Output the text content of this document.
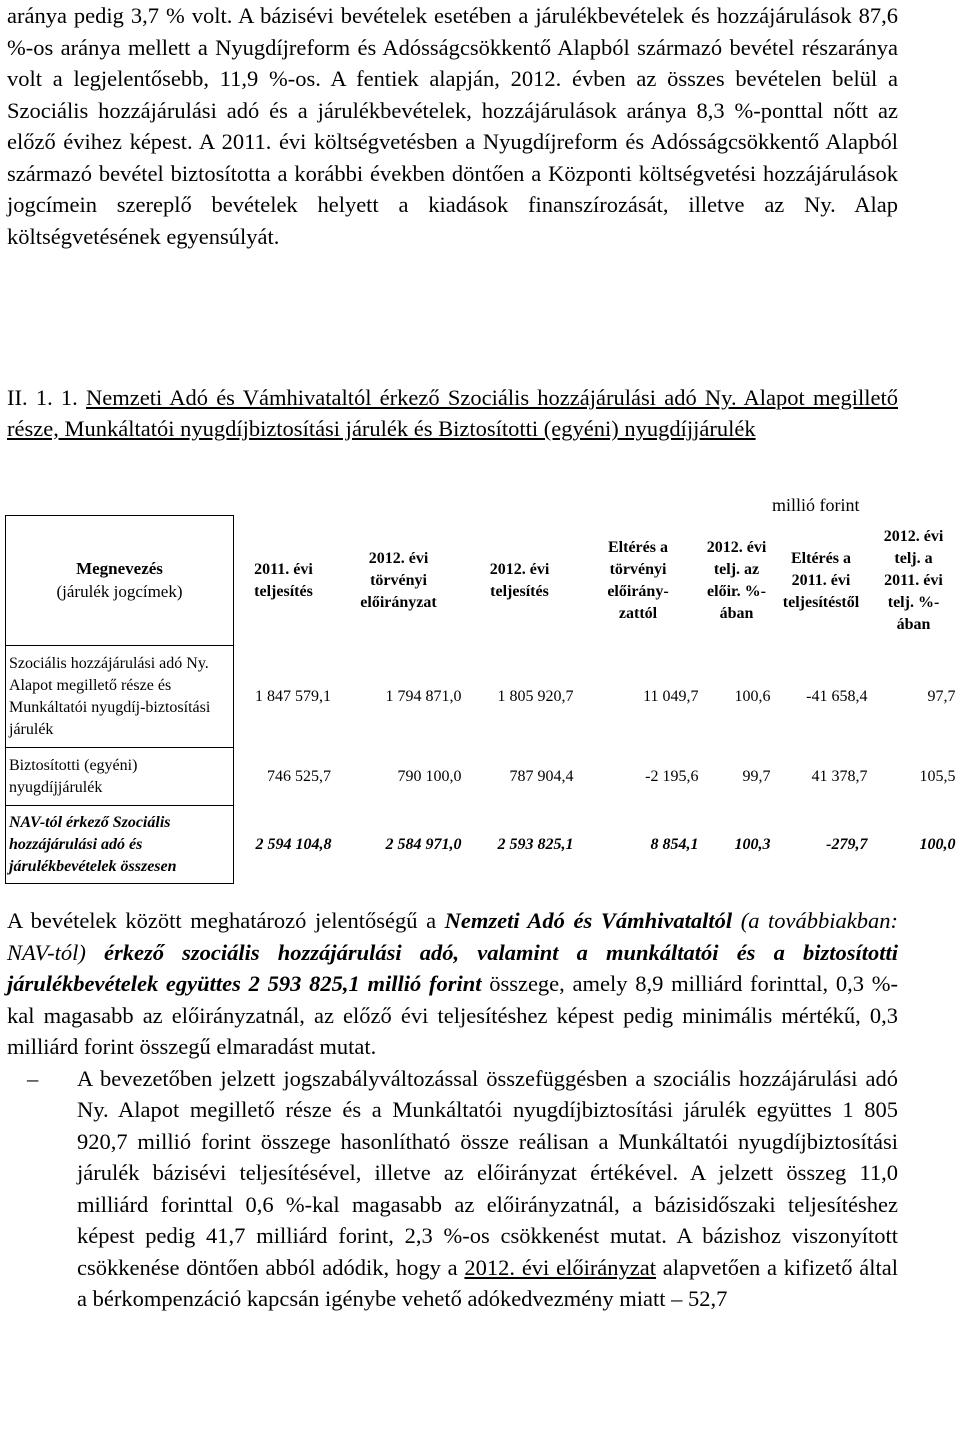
aránya pedig 3,7 % volt. A bázisévi bevételek esetében a járulékbevételek és hozzájárulások 87,6 %-os aránya mellett a Nyugdíjreform és Adósságcsökkentő Alapból származó bevétel részaránya volt a legjelentősebb, 11,9 %-os. A fentiek alapján, 2012. évben az összes bevételen belül a Szociális hozzájárulási adó és a járulékbevételek, hozzájárulások aránya 8,3 %-ponttal nőtt az előző évihez képest. A 2011. évi költségvetésben a Nyugdíjreform és Adósságcsökkentő Alapból származó bevétel biztosította a korábbi években döntően a Központi költségvetési hozzájárulások jogcímein szereplő bevételek helyett a kiadások finanszírozását, illetve az Ny. Alap költségvetésének egyensúlyát.

II. 1. 1. Nemzeti Adó és Vámhivataltól érkező Szociális hozzájárulási adó Ny. Alapot megillető része, Munkáltatói nyugdíjbiztosítási járulék és Biztosítotti (egyéni) nyugdíjjárulék

millió forint
Megnevezés
(járulék jogcímek)	2011. évi teljesítés	2012. évi törvényi előirányzat	2012. évi teljesítés	Eltérés a törvényi előirány-zattól	2012. évi telj. az előir. %-ában	Eltérés a 2011. évi teljesítéstől	2012. évi telj. a 2011. évi telj. %-ában
Szociális hozzájárulási adó Ny. Alapot megillető része és Munkáltatói nyugdíj-biztosítási járulék	1 847 579,1	1 794 871,0	1 805 920,7	11 049,7	100,6	-41 658,4	97,7
Biztosítotti (egyéni) nyugdíjjárulék	746 525,7	790 100,0	787 904,4	-2 195,6	99,7	41 378,7	105,5
NAV-tól érkező Szociális hozzájárulási adó és járulékbevételek összesen	2 594 104,8	2 584 971,0	2 593 825,1	8 854,1	100,3	-279,7	100,0

A bevételek között meghatározó jelentőségű a Nemzeti Adó és Vámhivataltól (a továbbiakban: NAV-tól) érkező szociális hozzájárulási adó, valamint a munkáltatói és a biztosítotti járulékbevételek együttes 2 593 825,1 millió forint összege, amely 8,9 milliárd forinttal, 0,3 %-kal magasabb az előirányzatnál, az előző évi teljesítéshez képest pedig minimális mértékű, 0,3 milliárd forint összegű elmaradást mutat.

–	A bevezetőben jelzett jogszabályváltozással összefüggésben a szociális hozzájárulási adó Ny. Alapot megillető része és a Munkáltatói nyugdíjbiztosítási járulék együttes 1 805 920,7 millió forint összege hasonlítható össze reálisan a Munkáltatói nyugdíjbiztosítási járulék bázisévi teljesítésével, illetve az előirányzat értékével. A jelzett összeg 11,0 milliárd forinttal 0,6 %-kal magasabb az előirányzatnál, a bázisidőszaki teljesítéshez képest pedig 41,7 milliárd forint, 2,3 %-os csökkenést mutat. A bázishoz viszonyított csökkenése döntően abból adódik, hogy a 2012. évi előirányzat alapvetően a kifizető által a bérkompenzáció kapcsán igénybe vehető adókedvezmény miatt – 52,7
